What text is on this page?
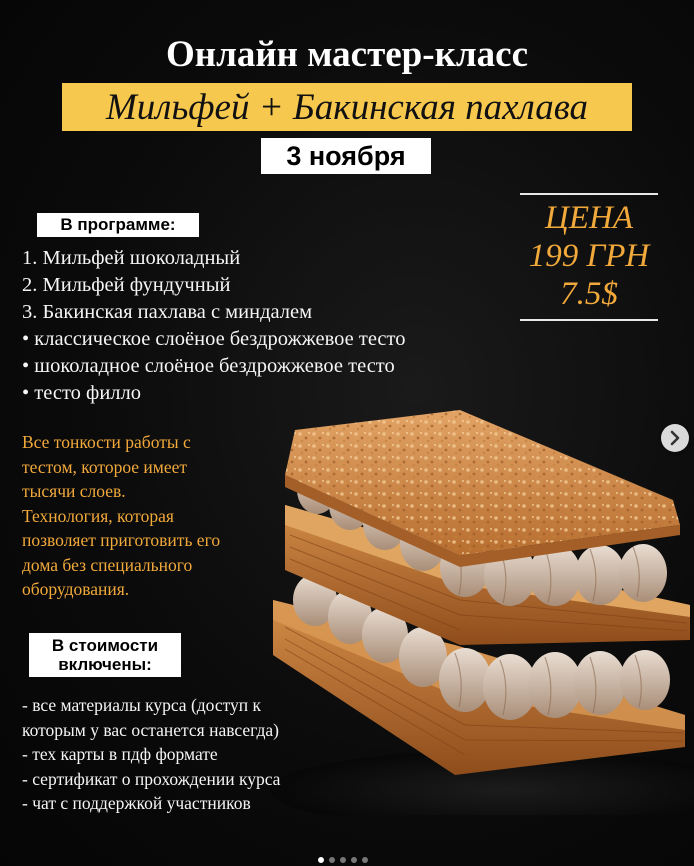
Онлайн мастер-класс
Мильфей + Бакинская пахлава
3 ноября
ЦЕНА
199 ГРН
7.5$
В программе:
1. Мильфей шоколадный
2. Мильфей фундучный
3. Бакинская пахлава с миндалем
• классическое слоёное бездрожжевое тесто
• шоколадное слоёное бездрожжевое тесто
• тесто филло
Все тонкости работы с
тестом, которое имеет
тысячи слоев.
Технология, которая
позволяет приготовить его
дома без специального
оборудования.
В стоимости
включены:
- все материалы курса (доступ к
которым у вас останется навсегда)
- тех карты в пдф формате
- сертификат о прохождении курса
- чат с поддержкой участников
